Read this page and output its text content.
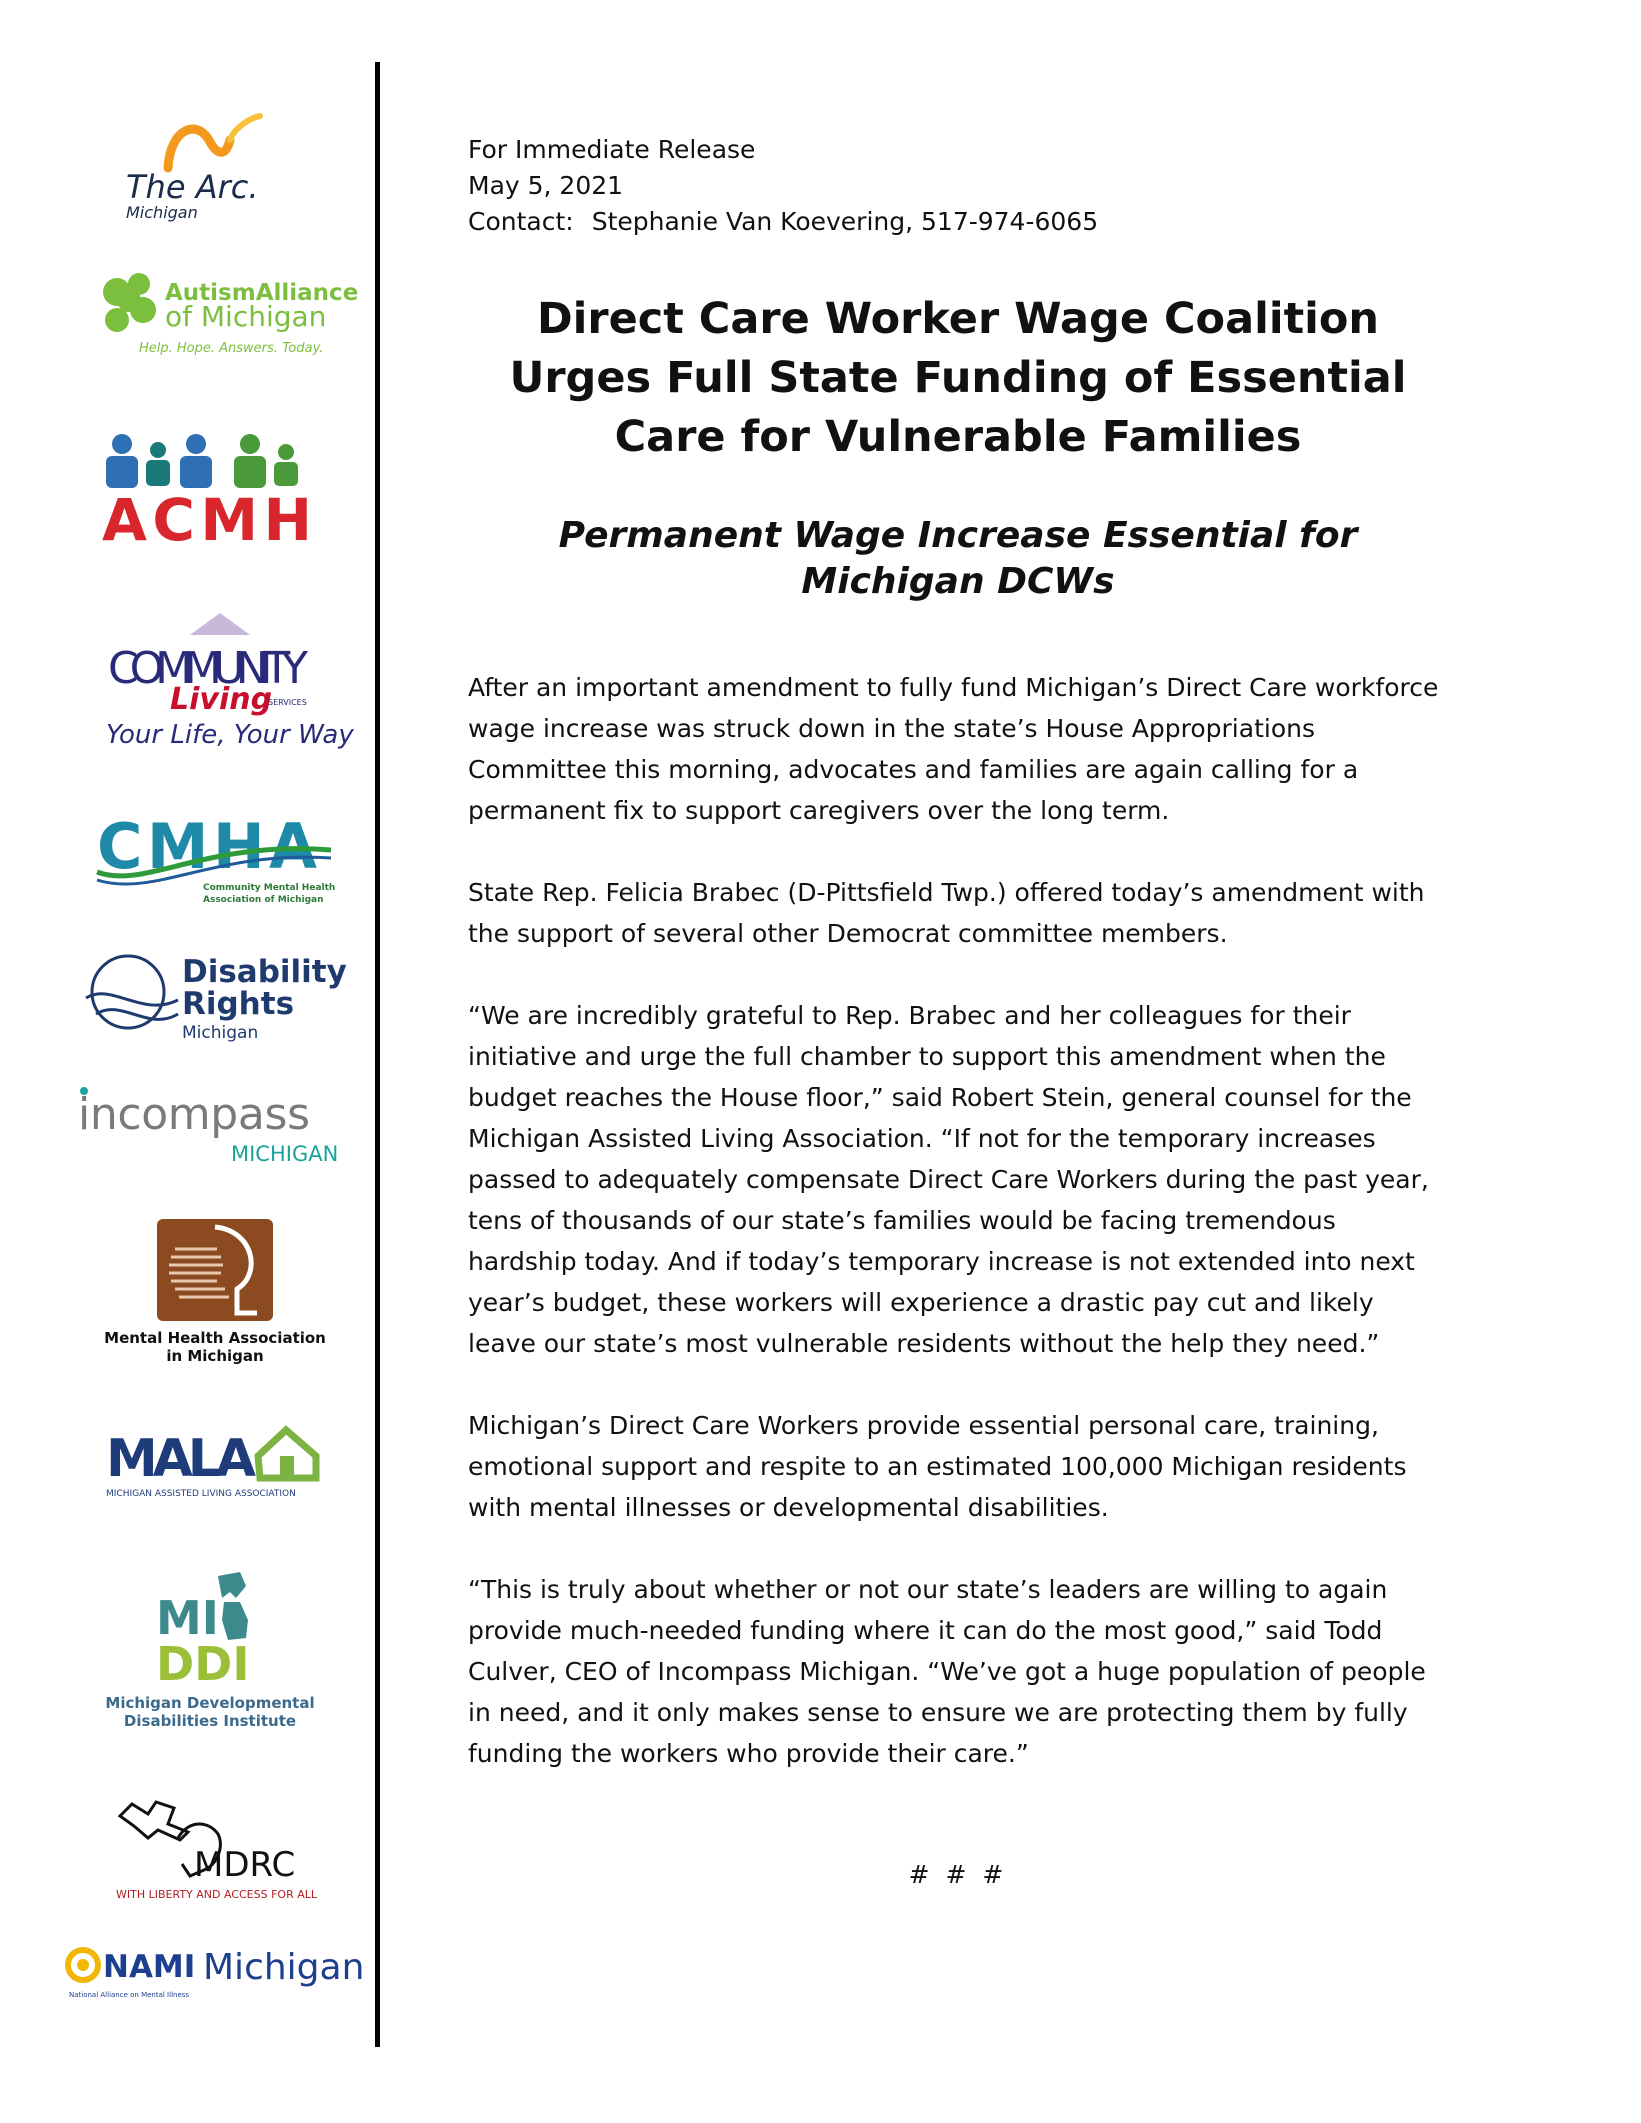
The Arc.
Michigan
AutismAlliance
of Michigan
Help. Hope. Answers. Today.
ACMH
COMMUNITY
Living
SERVICES
Your Life, Your Way
CMHA
Community Mental Health
Association of Michigan
Disability
Rights
Michigan
incompass
MICHIGAN
Mental Health Association
in Michigan
MALA
MICHIGAN ASSISTED LIVING ASSOCIATION
MI
DDI
Michigan Developmental
Disabilities Institute
MDRC
WITH LIBERTY AND ACCESS FOR ALL
NAMI Michigan
National Alliance on Mental Illness

For Immediate Release

May 5, 2021

Contact: Stephanie Van Koevering, 517-974-6065

Direct Care Worker Wage Coalition Urges Full State Funding of Essential Care for Vulnerable Families
Permanent Wage Increase Essential for Michigan DCWs

After an important amendment to fully fund Michigan’s Direct Care workforce wage increase was struck down in the state’s House Appropriations Committee this morning, advocates and families are again calling for a permanent fix to support caregivers over the long term.

State Rep. Felicia Brabec (D-Pittsfield Twp.) offered today’s amendment with the support of several other Democrat committee members.

“We are incredibly grateful to Rep. Brabec and her colleagues for their initiative and urge the full chamber to support this amendment when the budget reaches the House floor,” said Robert Stein, general counsel for the Michigan Assisted Living Association. “If not for the temporary increases passed to adequately compensate Direct Care Workers during the past year, tens of thousands of our state’s families would be facing tremendous hardship today. And if today’s temporary increase is not extended into next year’s budget, these workers will experience a drastic pay cut and likely leave our state’s most vulnerable residents without the help they need.”

Michigan’s Direct Care Workers provide essential personal care, training, emotional support and respite to an estimated 100,000 Michigan residents with mental illnesses or developmental disabilities.

“This is truly about whether or not our state’s leaders are willing to again provide much-needed funding where it can do the most good,” said Todd Culver, CEO of Incompass Michigan. “We’ve got a huge population of people in need, and it only makes sense to ensure we are protecting them by fully funding the workers who provide their care.”

# # #
